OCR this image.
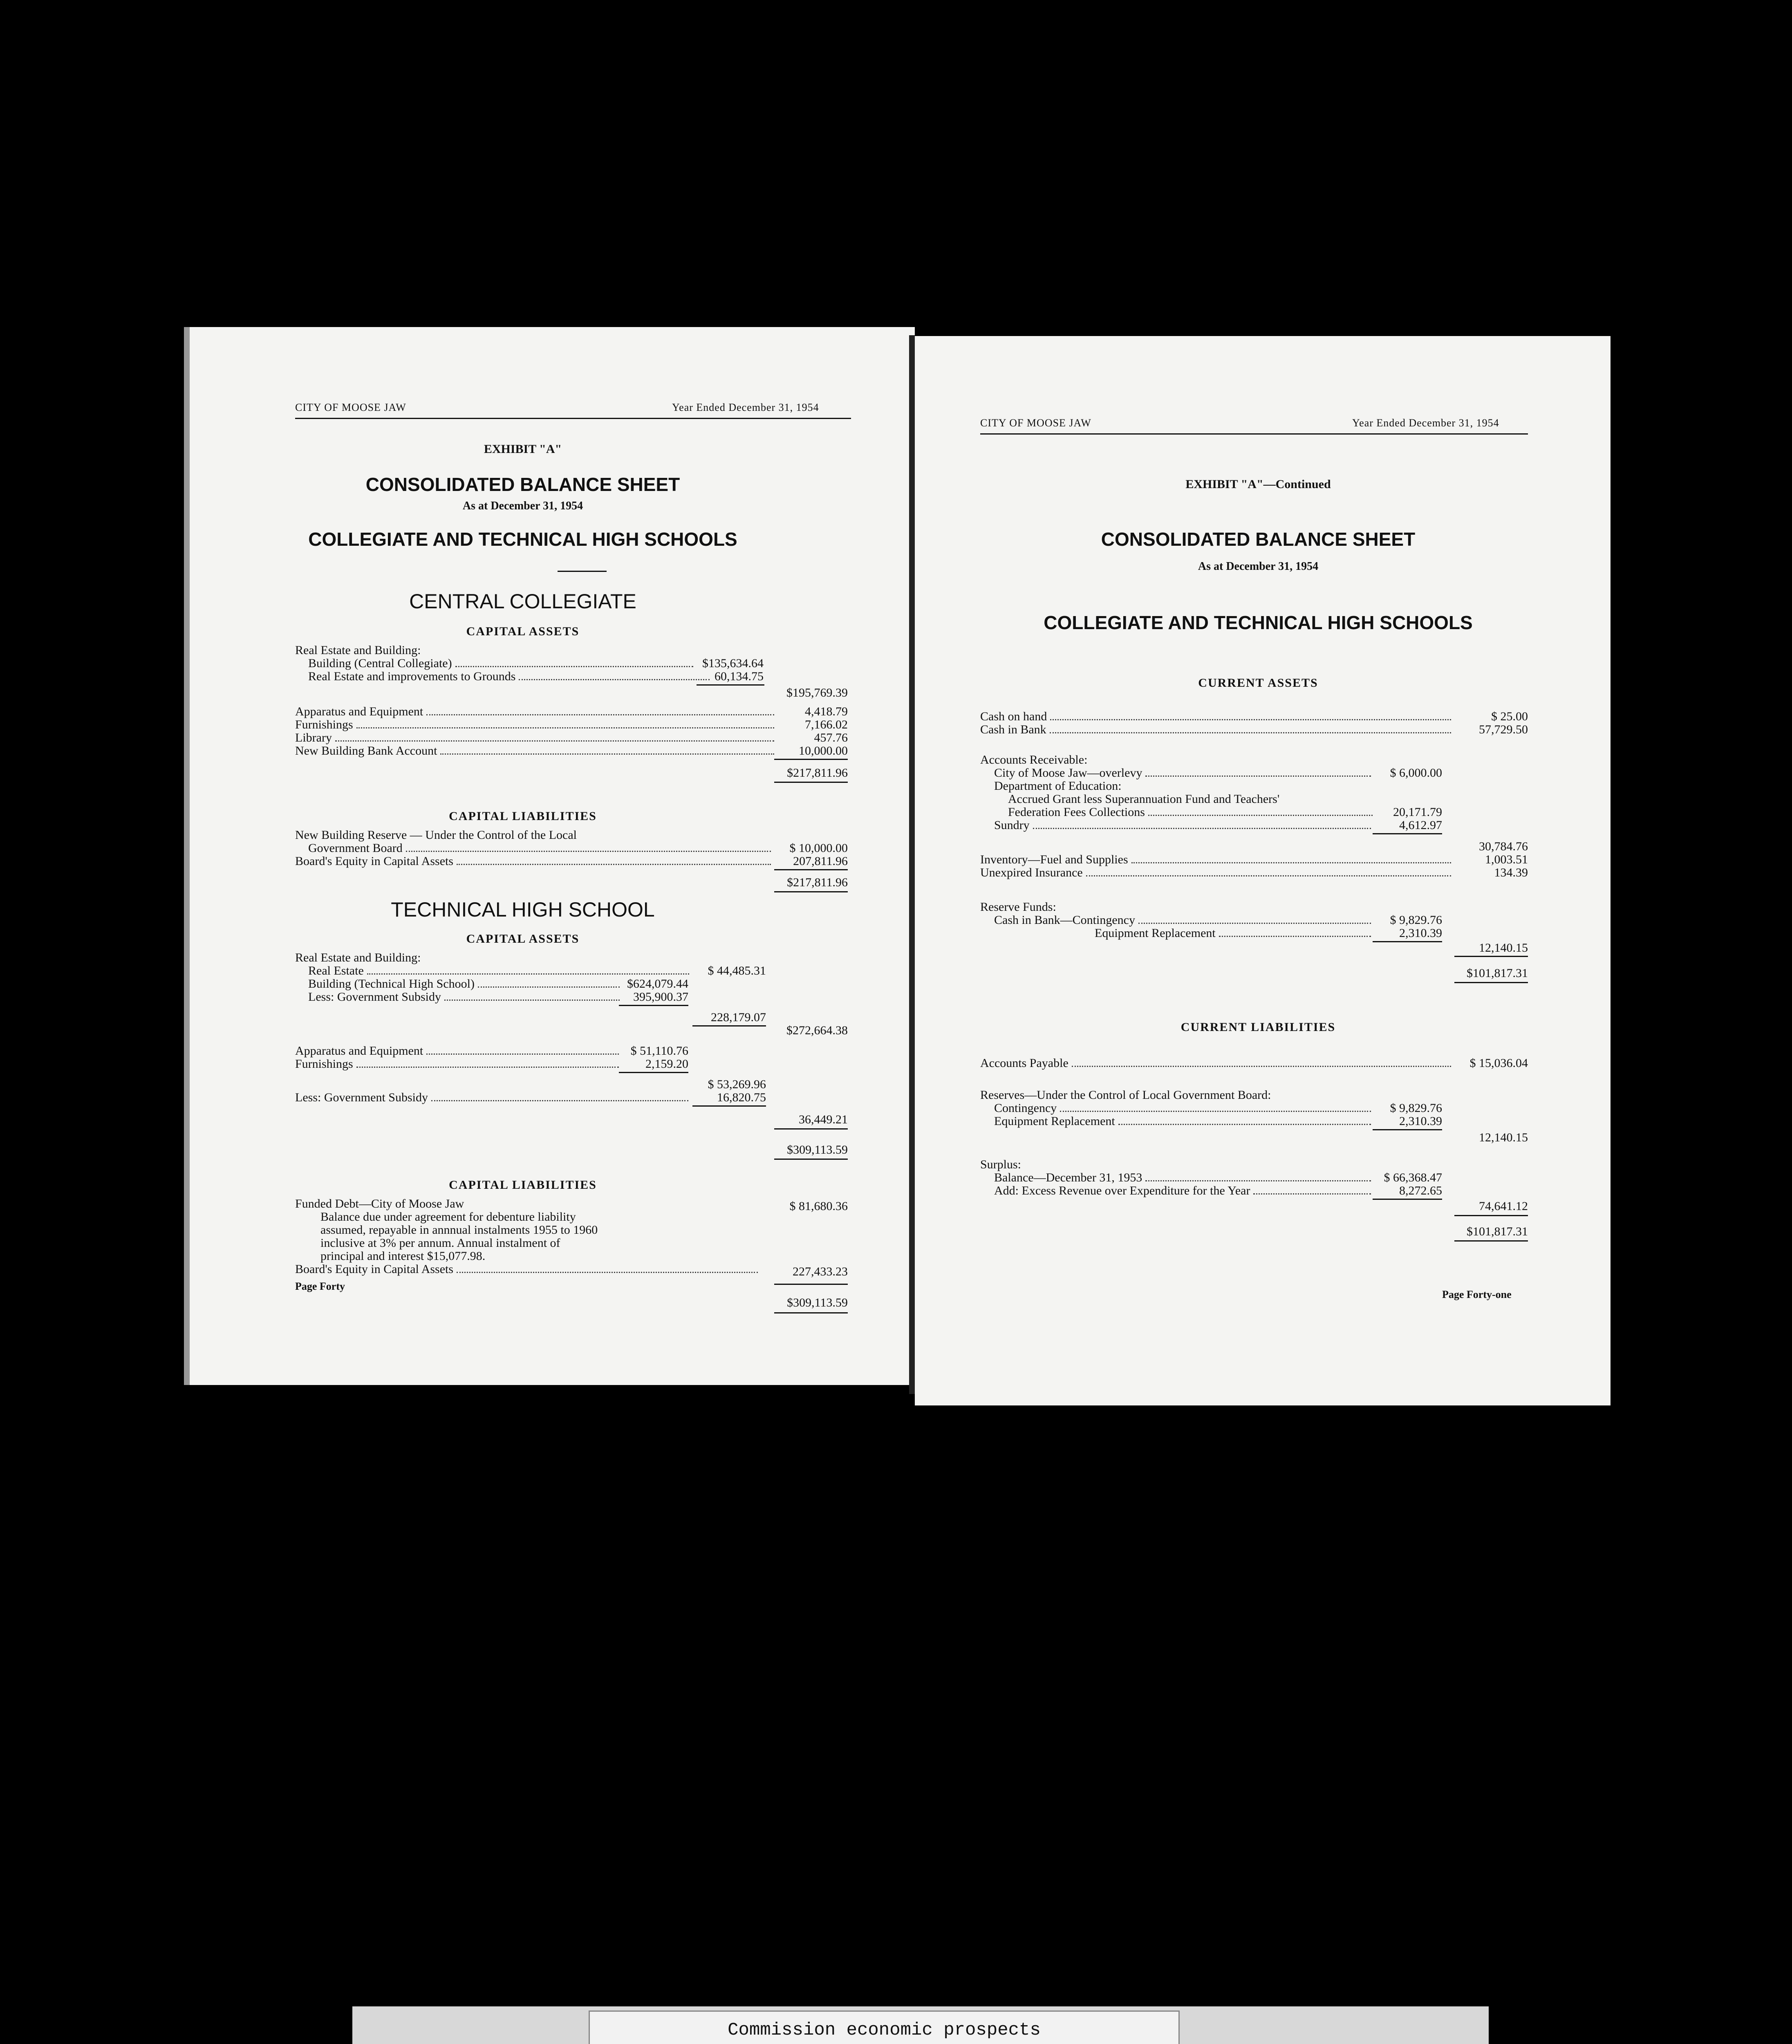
CITY OF MOOSE JAW	Year Ended December 31, 1954
EXHIBIT "A"
CONSOLIDATED BALANCE SHEET
As at December 31, 1954
COLLEGIATE AND TECHNICAL HIGH SCHOOLS
CENTRAL COLLEGIATE
CAPITAL ASSETS
Real Estate and Building:
Building (Central Collegiate)	$135,634.64
Real Estate and improvements to Grounds	60,134.75
$195,769.39
Apparatus and Equipment	4,418.79
Furnishings	7,166.02
Library	457.76
New Building Bank Account	10,000.00
$217,811.96
CAPITAL LIABILITIES
New Building Reserve — Under the Control of the Local
Government Board	$ 10,000.00
Board's Equity in Capital Assets	207,811.96
$217,811.96
TECHNICAL HIGH SCHOOL
CAPITAL ASSETS
Real Estate and Building:
Real Estate	$ 44,485.31
Building (Technical High School)	$624,079.44
Less: Government Subsidy	395,900.37
228,179.07
$272,664.38
Apparatus and Equipment	$ 51,110.76
Furnishings	2,159.20
$ 53,269.96
Less: Government Subsidy	16,820.75
36,449.21
$309,113.59
CAPITAL LIABILITIES
Funded Debt—City of Moose Jaw	$ 81,680.36
Balance due under agreement for debenture liability
assumed, repayable in annnual instalments 1955 to 1960
inclusive at 3% per annum. Annual instalment of
principal and interest $15,077.98.
Board's Equity in Capital Assets	227,433.23
$309,113.59
Page Forty
CITY OF MOOSE JAW	Year Ended December 31, 1954
EXHIBIT "A"—Continued
CONSOLIDATED BALANCE SHEET
As at December 31, 1954
COLLEGIATE AND TECHNICAL HIGH SCHOOLS
CURRENT ASSETS
Cash on hand	$ 25.00
Cash in Bank	57,729.50
Accounts Receivable:
City of Moose Jaw—overlevy	$ 6,000.00
Department of Education:
Accrued Grant less Superannuation Fund and Teachers'
Federation Fees Collections	20,171.79
Sundry	4,612.97
30,784.76
Inventory—Fuel and Supplies	1,003.51
Unexpired Insurance	134.39
Reserve Funds:
Cash in Bank—Contingency	$ 9,829.76
Equipment Replacement	2,310.39
12,140.15
$101,817.31
CURRENT LIABILITIES
Accounts Payable	$ 15,036.04
Reserves—Under the Control of Local Government Board:
Contingency	$ 9,829.76
Equipment Replacement	2,310.39
12,140.15
Surplus:
Balance—December 31, 1953	$ 66,368.47
Add: Excess Revenue over Expenditure for the Year	8,272.65
74,641.12
$101,817.31
Page Forty-one
Commission economic prospects
